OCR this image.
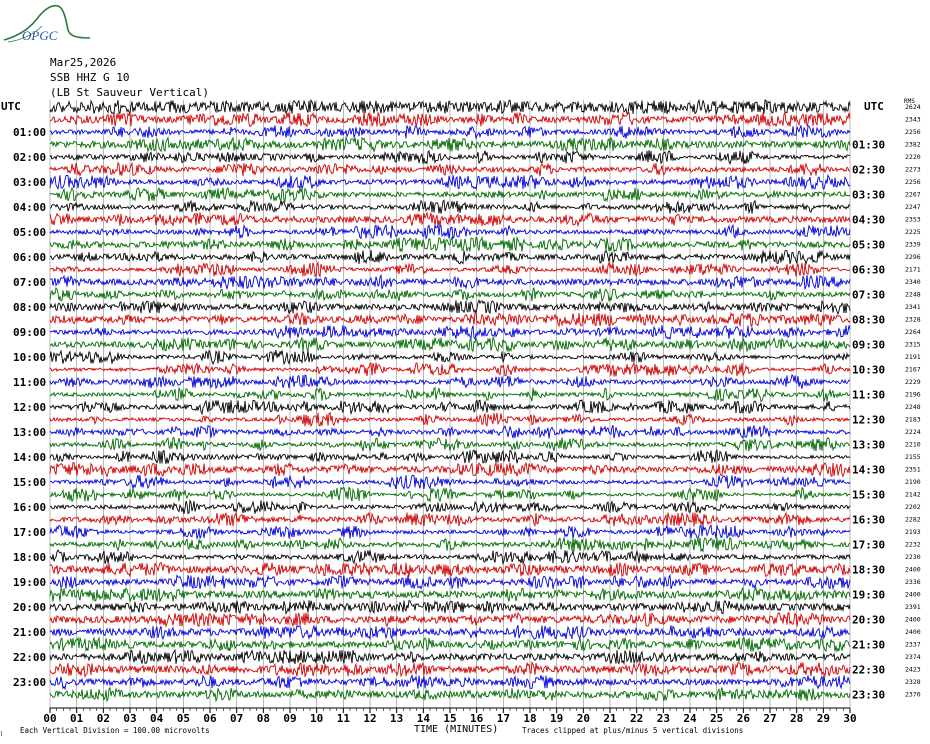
OPGC
Mar25,2026
SSB HHZ G 10
(LB St Sauveur Vertical)
UTC	UTC	RMS
01:00
02:00
03:00
04:00
05:00
06:00
07:00
08:00
09:00
10:00
11:00
12:00
13:00
14:00
15:00
16:00
17:00
18:00
19:00
20:00
21:00
22:00
23:00
01:30
02:30
03:30
04:30
05:30
06:30
07:30
08:30
09:30
10:30
11:30
12:30
13:30
14:30
15:30
16:30
17:30
18:30
19:30
20:30
21:30
22:30
23:30
2624
2343
2256
2382
2220
2273
2256
2267
2247
2353
2225
2339
2296
2171
2340
2248
2341
2328
2264
2315
2191
2167
2229
2196
2248
2183
2224
2210
2155
2351
2190
2142
2202
2282
2193
2232
2230
2400
2336
2400
2391
2400
2400
2337
2374
2423
2328
2370
00 01 02 03 04 05 06 07 08 09 10 11 12 13 14 15 16 17 18 19 20 21 22 23 24 25 26 27 28 29 30
ꟾ Each Vertical Division = 100.00 microvolts	TIME (MINUTES)	Traces clipped at plus/minus 5 vertical divisions
